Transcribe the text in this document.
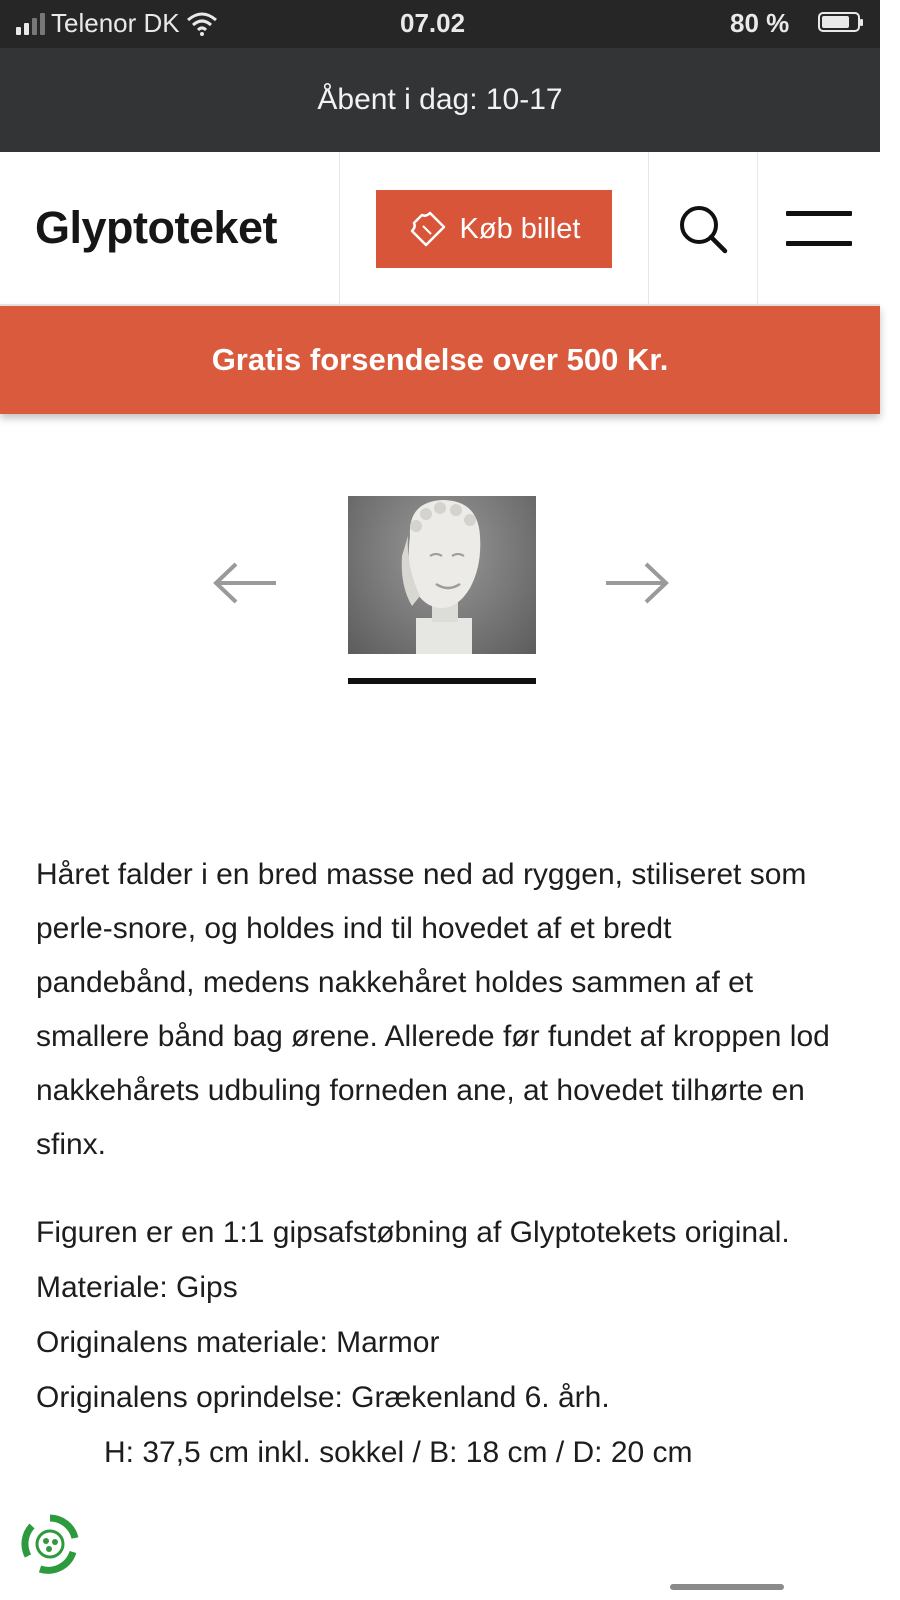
Telenor DK	07.02	80 %
Åbent i dag: 10-17
Glyptoteket	Køb billet
Gratis forsendelse over 500 Kr.

Håret falder i en bred masse ned ad ryggen, stiliseret som perle-snore, og holdes ind til hovedet af et bredt pandebånd, medens nakkehåret holdes sammen af et smallere bånd bag ørene. Allerede før fundet af kroppen lod nakkehårets udbuling forneden ane, at hovedet tilhørte en sfinx.

Figuren er en 1:1 gipsafstøbning af Glyptotekets original.
Materiale: Gips
Originalens materiale: Marmor
Originalens oprindelse: Grækenland 6. årh.
H: 37,5 cm inkl. sokkel / B: 18 cm / D: 20 cm
